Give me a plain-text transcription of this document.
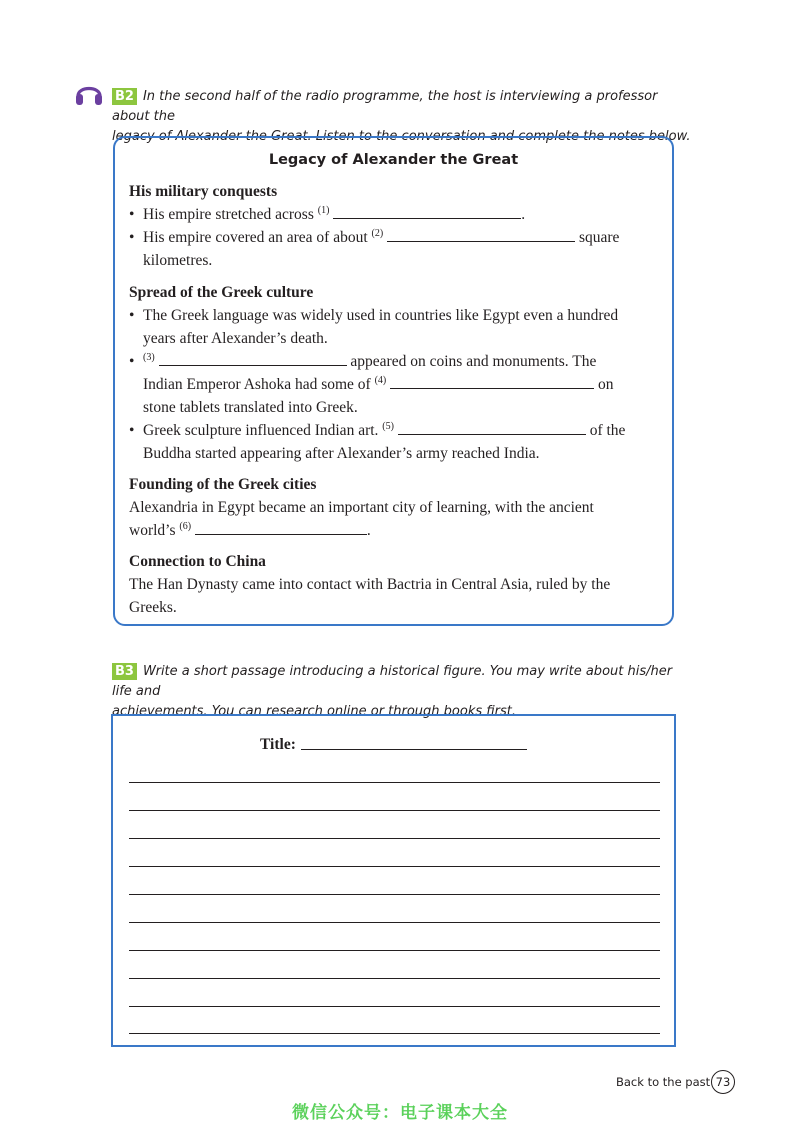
B2 In the second half of the radio programme, the host is interviewing a professor about the
legacy of Alexander the Great. Listen to the conversation and complete the notes below.
Legacy of Alexander the Great
His military conquests
• His empire stretched across $^{(1)}$	.
• His empire covered an area of about $^{(2)}$	square
kilometres.
Spread of the Greek culture
• The Greek language was widely used in countries like Egypt even a hundred
years after Alexander’s death.
• $^{(3)}$	appeared on coins and monuments. The
Indian Emperor Ashoka had some of $^{(4)}$	on
stone tablets translated into Greek.
• Greek sculpture influenced Indian art. $^{(5)}$	of the
Buddha started appearing after Alexander’s army reached India.
Founding of the Greek cities
Alexandria in Egypt became an important city of learning, with the ancient
world’s $^{(6)}$	.
Connection to China
The Han Dynasty came into contact with Bactria in Central Asia, ruled by the
Greeks.
B3 Write a short passage introducing a historical figure. You may write about his/her life and
achievements. You can research online or through books first.
Title:
Back to the past 73
微信公众号：电子课本大全
